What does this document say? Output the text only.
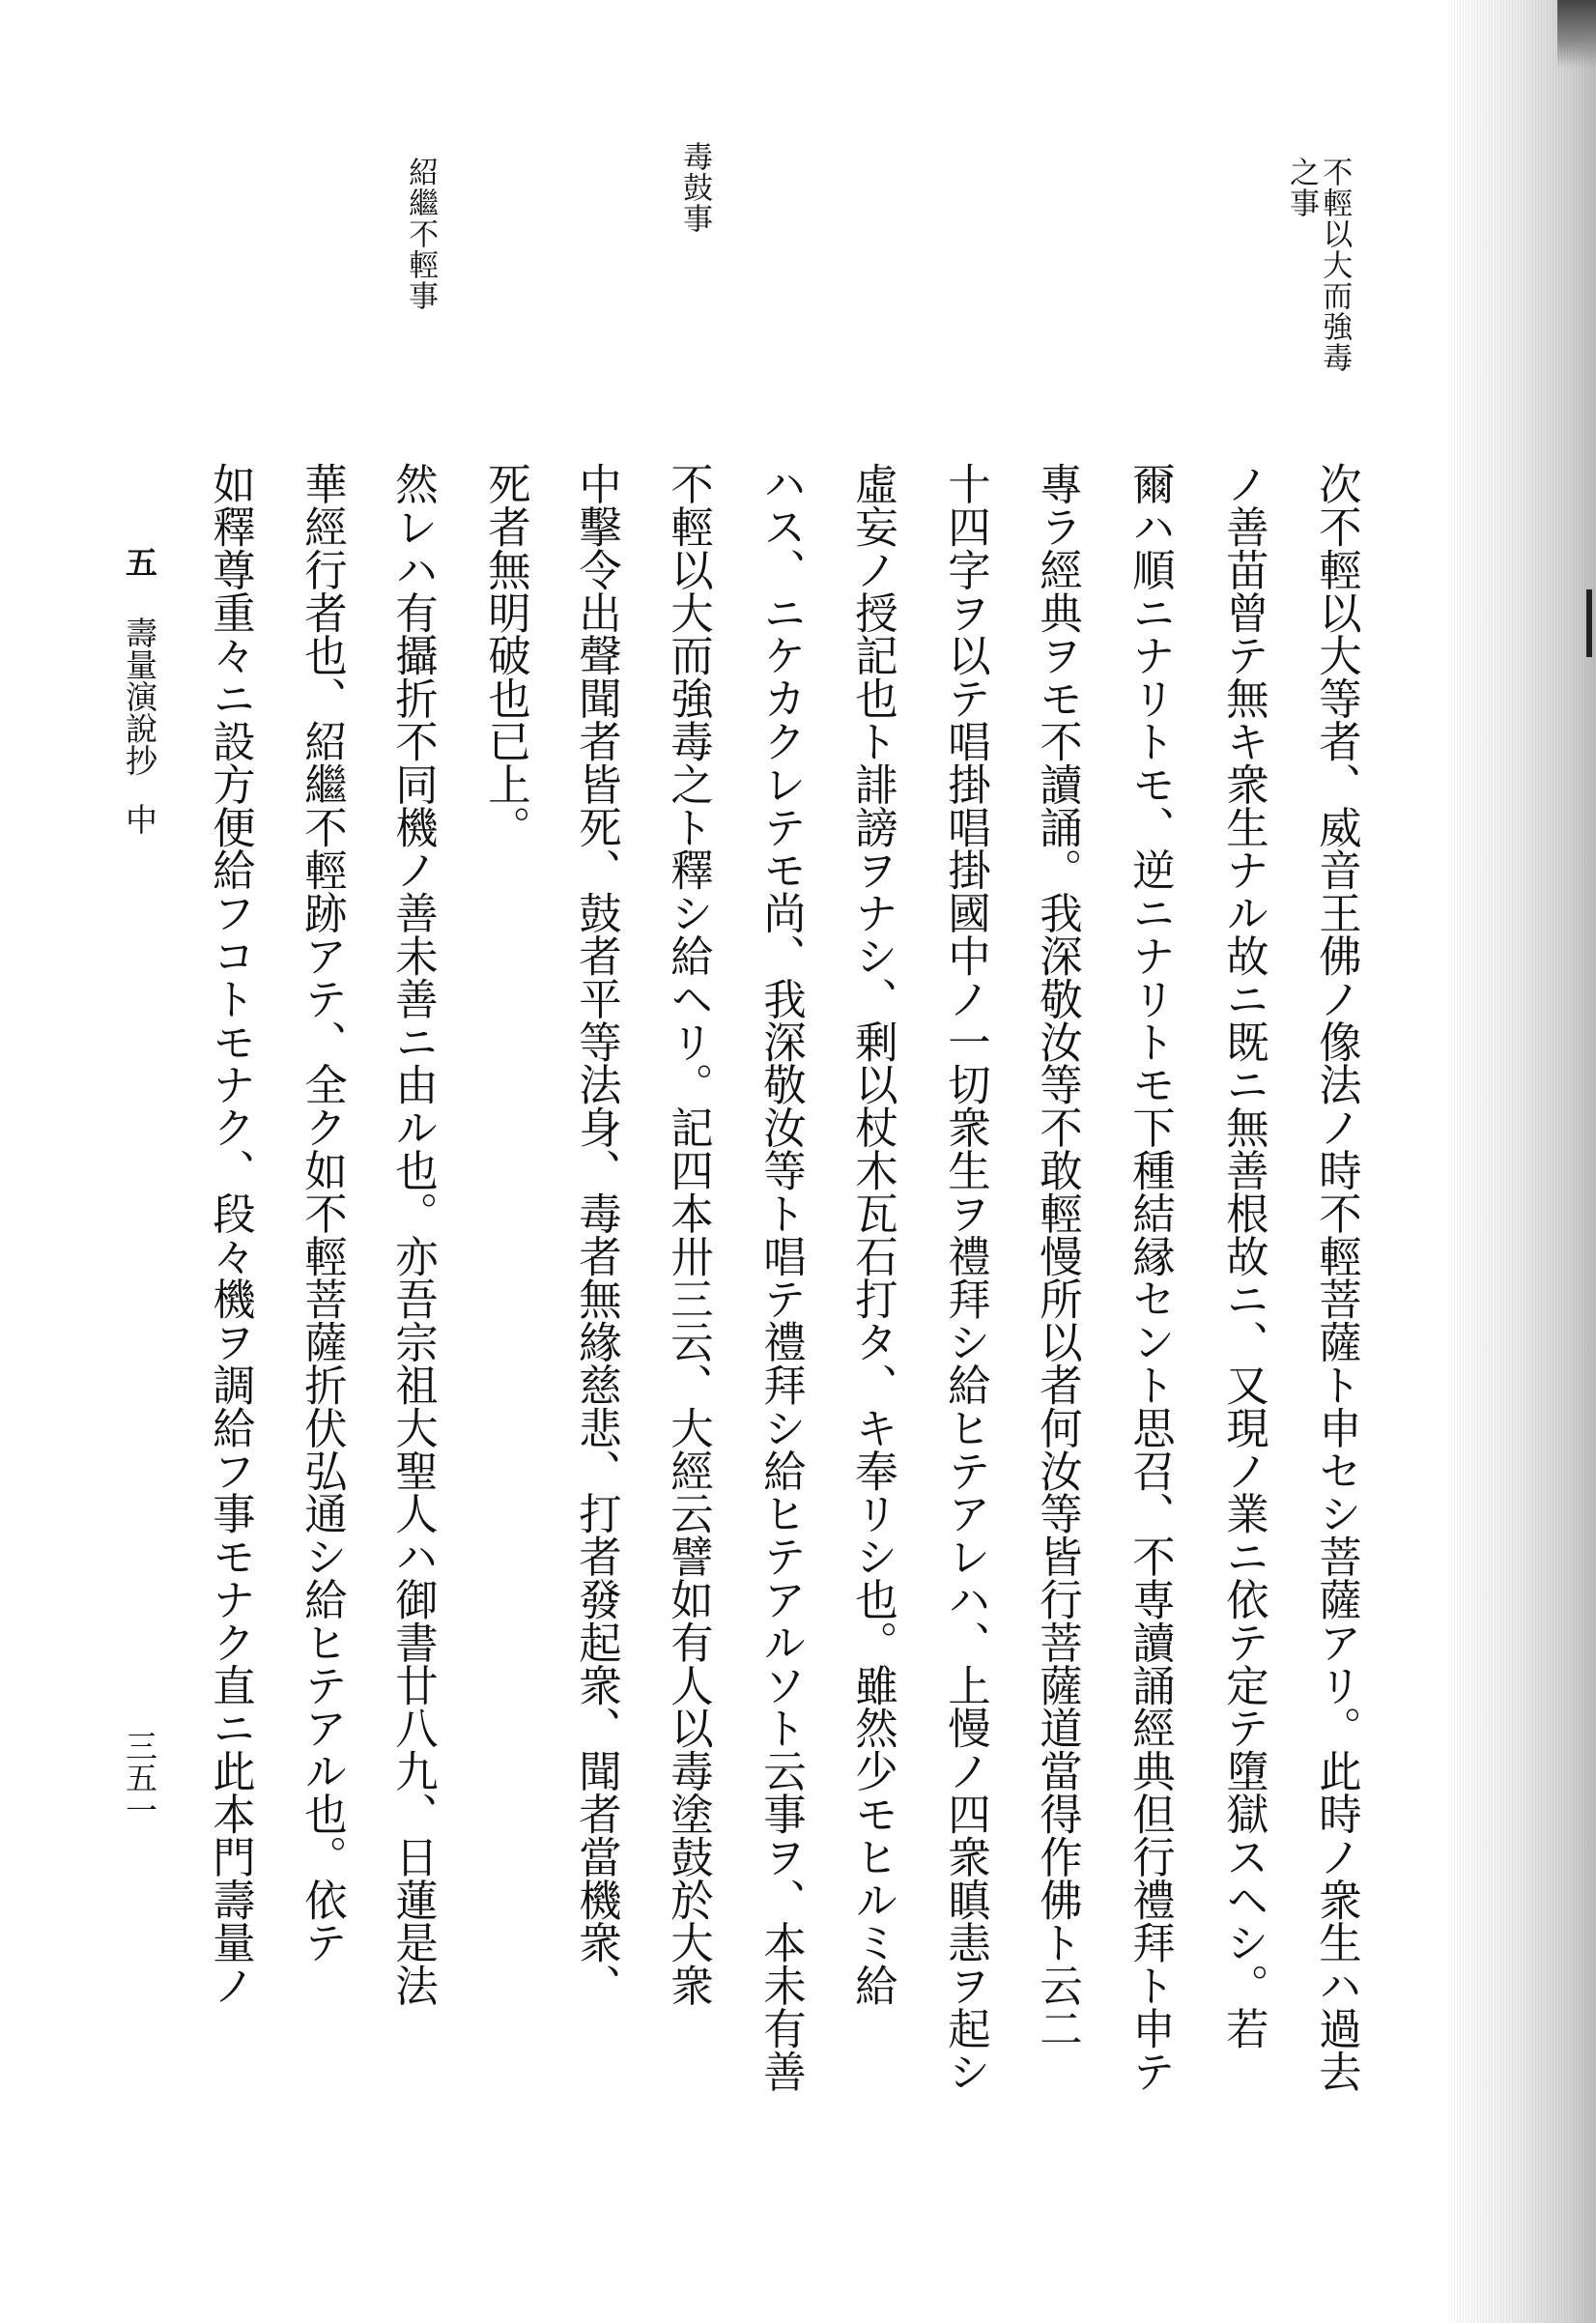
不輕以大而強毒
之事
毒鼓事
紹繼不輕事
次不輕以大等者、威音王佛ノ像法ノ時不輕菩薩ト申セシ菩薩アリ。此時ノ衆生ハ過去
ノ善苗曾テ無キ衆生ナル故ニ既ニ無善根故ニ、又現ノ業ニ依テ定テ墮獄スヘシ。若
爾ハ順ニナリトモ、逆ニナリトモ下種結縁セント思召、不専讀誦經典但行禮拜ト申テ
專ラ經典ヲモ不讀誦。我深敬汝等不敢輕慢所以者何汝等皆行菩薩道當得作佛ト云二
十四字ヲ以テ唱掛唱掛國中ノ一切衆生ヲ禮拜シ給ヒテアレハ、上慢ノ四衆瞋恚ヲ起シ
虛妄ノ授記也ト誹謗ヲナシ、剰以杖木瓦石打タ、キ奉リシ也。雖然少モヒルミ給
ハス、ニケカクレテモ尚、我深敬汝等ト唱テ禮拜シ給ヒテアルソト云事ヲ、本未有善
不輕以大而強毒之ト釋シ給ヘリ。記四本卅三云、大經云譬如有人以毒塗鼓於大衆
中擊令出聲聞者皆死、鼓者平等法身、毒者無緣慈悲、打者發起衆、聞者當機衆、
死者無明破也已上。
然レハ有攝折不同機ノ善未善ニ由ル也。亦吾宗祖大聖人ハ御書廿八九、日蓮是法
華經行者也、紹繼不輕跡アテ、全ク如不輕菩薩折伏弘通シ給ヒテアル也。依テ
如釋尊重々ニ設方便給フコトモナク、段々機ヲ調給フ事モナク直ニ此本門壽量ノ
五壽量演說抄中
三五一
